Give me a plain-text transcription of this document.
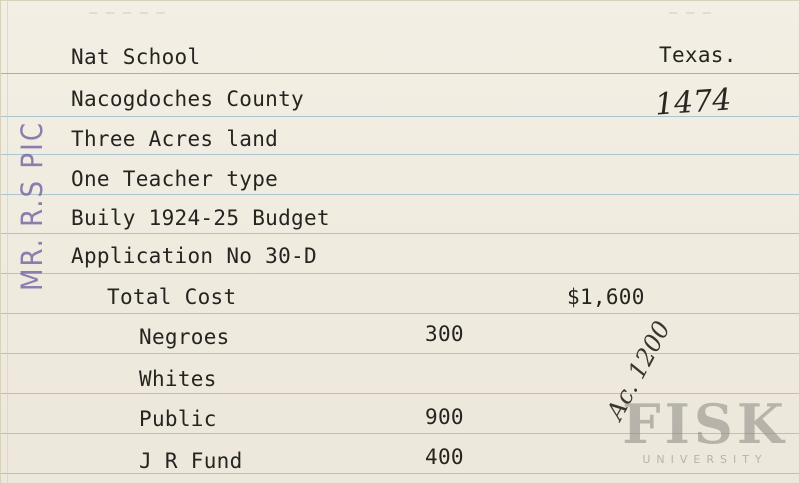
– — — — –	– — –
Nat School	Texas.
1474
Nacogdoches County
Three Acres land
One Teacher type
Buily 1924-25 Budget
Application No 30-D
Total Cost	$1,600
Negroes	300
Whites
Public	900
J R Fund	400
MR. R.S PIC
FISK
UNIVERSITY
Ac. 1200
